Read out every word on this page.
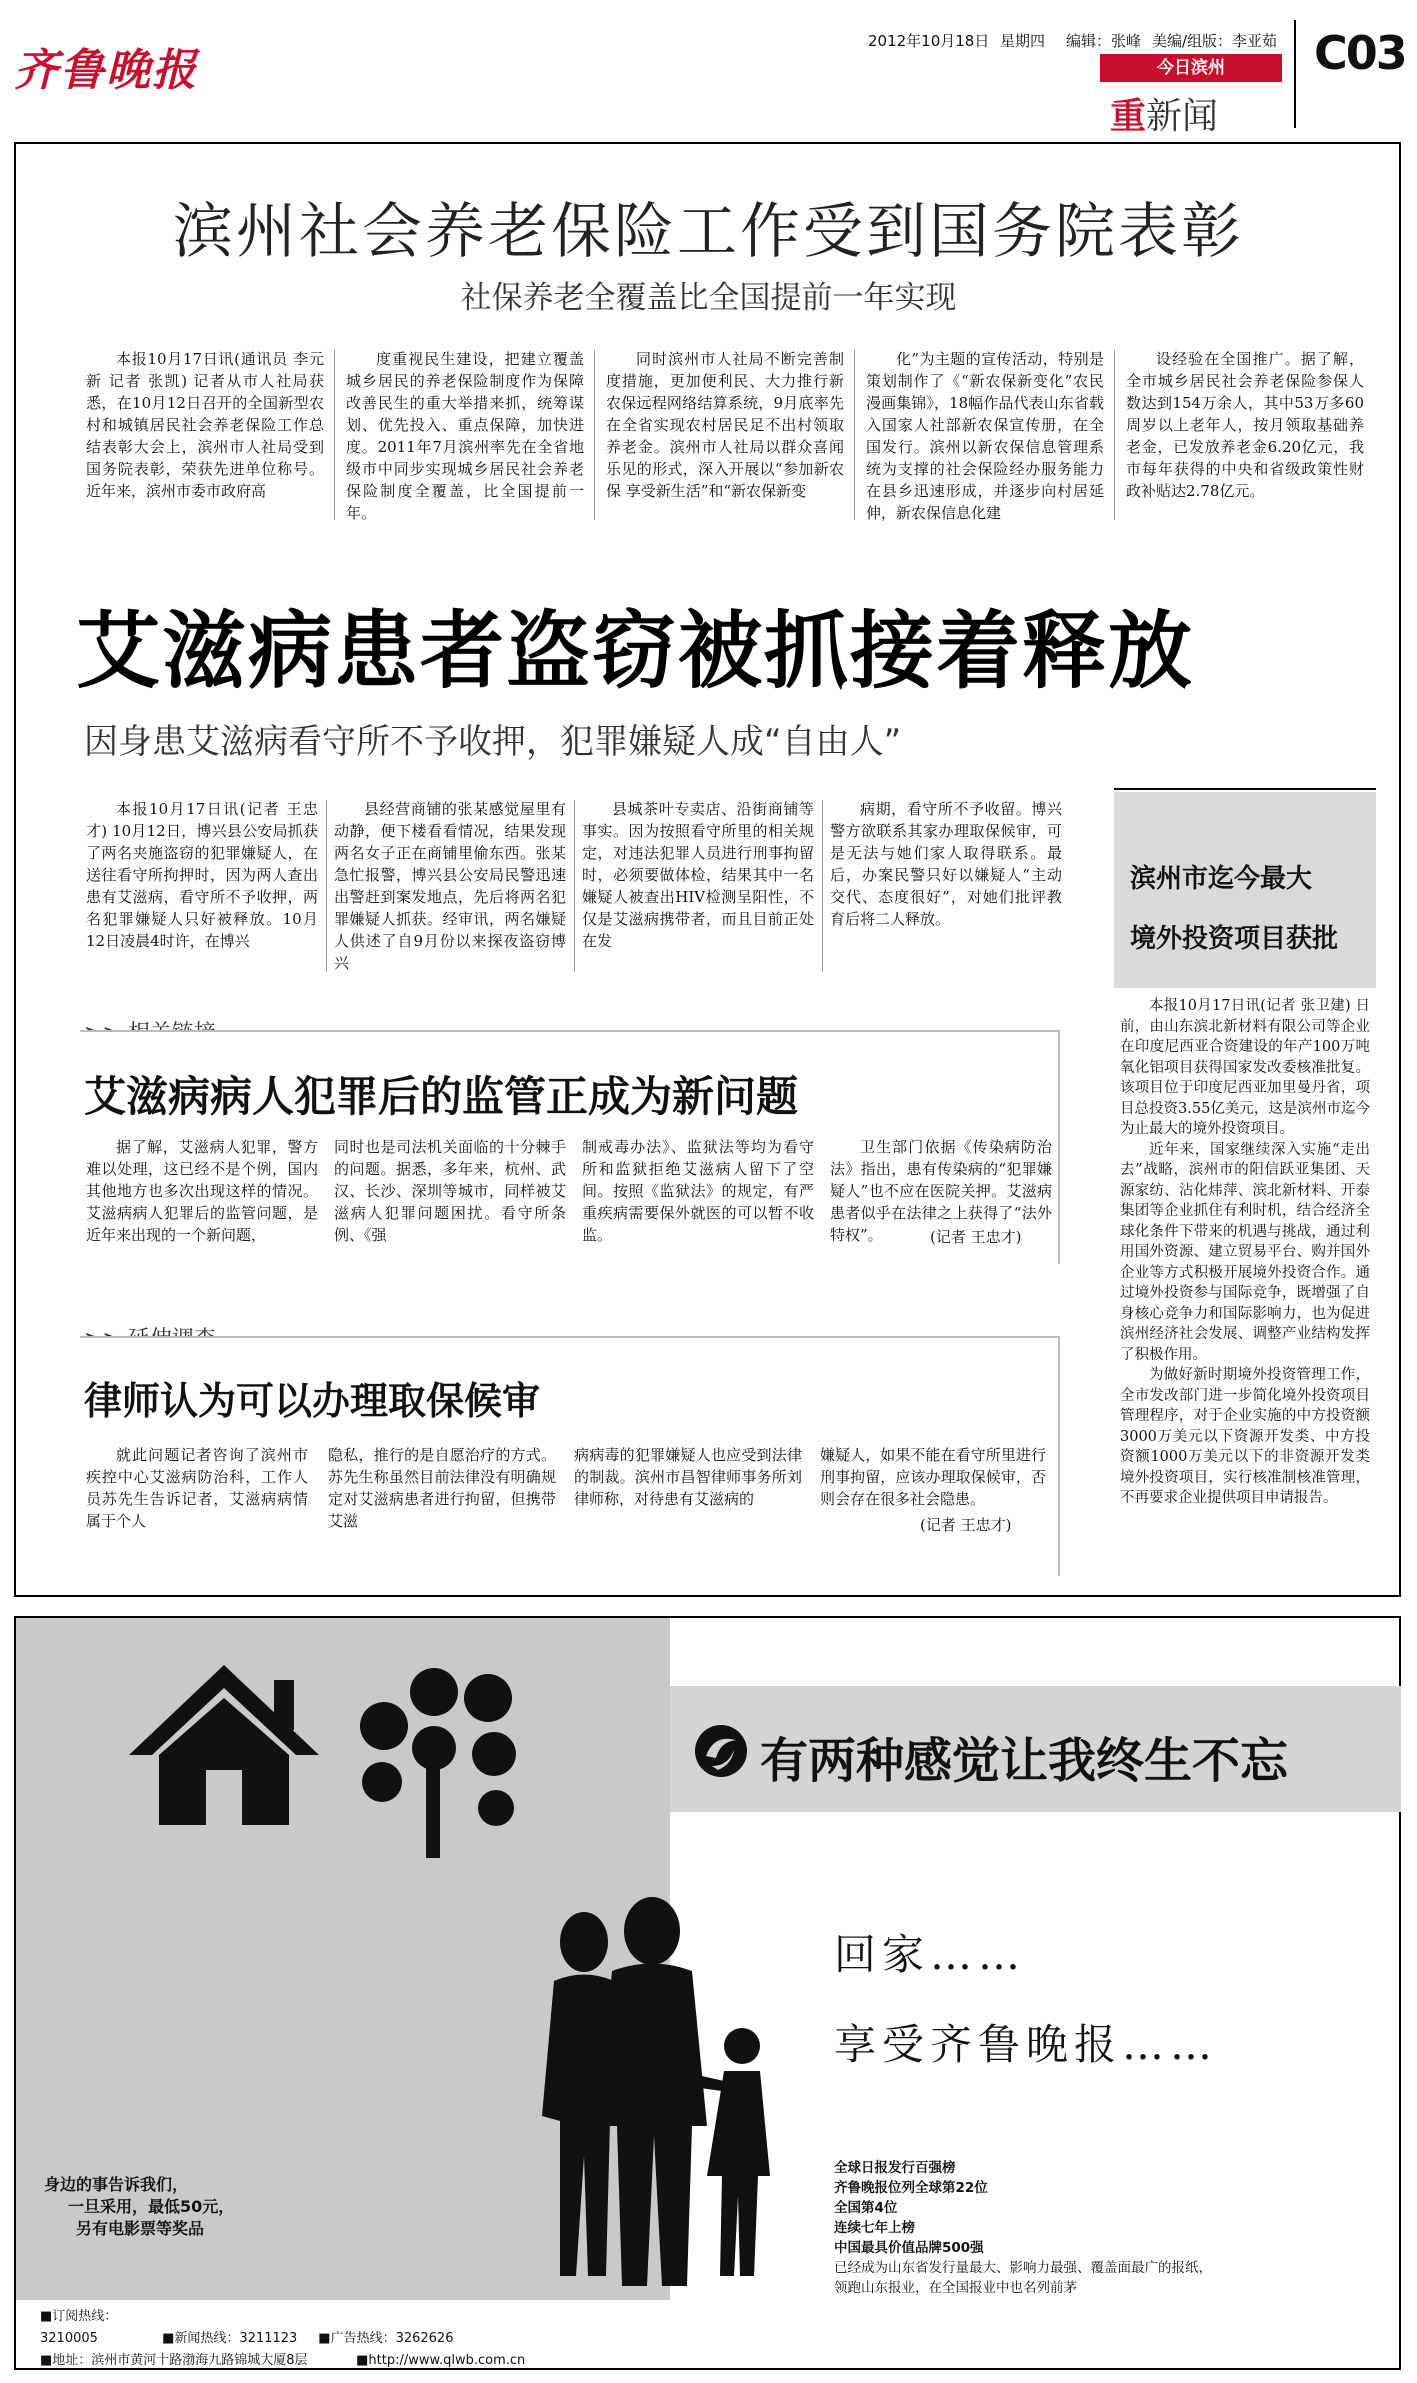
齐鲁晚报
2012年10月18日 星期四 编辑：张峰 美编/组版：李亚茹
今日滨州
重新闻
C03
滨州社会养老保险工作受到国务院表彰
社保养老全覆盖比全国提前一年实现

本报10月17日讯(通讯员 李元新 记者 张凯) 记者从市人社局获悉，在10月12日召开的全国新型农村和城镇居民社会养老保险工作总结表彰大会上，滨州市人社局受到国务院表彰，荣获先进单位称号。近年来，滨州市委市政府高

度重视民生建设，把建立覆盖城乡居民的养老保险制度作为保障改善民生的重大举措来抓，统筹谋划、优先投入、重点保障，加快进度。2011年7月滨州率先在全省地级市中同步实现城乡居民社会养老保险制度全覆盖，比全国提前一年。

同时滨州市人社局不断完善制度措施，更加便利民、大力推行新农保远程网络结算系统，9月底率先在全省实现农村居民足不出村领取养老金。滨州市人社局以群众喜闻乐见的形式，深入开展以“参加新农保 享受新生活”和“新农保新变

化”为主题的宣传活动，特别是策划制作了《“新农保新变化”农民漫画集锦》，18幅作品代表山东省载入国家人社部新农保宣传册，在全国发行。滨州以新农保信息管理系统为支撑的社会保险经办服务能力在县乡迅速形成，并逐步向村居延伸，新农保信息化建

设经验在全国推广。据了解，全市城乡居民社会养老保险参保人数达到154万余人，其中53万多60周岁以上老年人，按月领取基础养老金，已发放养老金6.20亿元，我市每年获得的中央和省级政策性财政补贴达2.78亿元。

艾滋病患者盗窃被抓接着释放
因身患艾滋病看守所不予收押，犯罪嫌疑人成“自由人”

本报10月17日讯(记者 王忠才) 10月12日，博兴县公安局抓获了两名夹施盗窃的犯罪嫌疑人，在送往看守所拘押时，因为两人查出患有艾滋病，看守所不予收押，两名犯罪嫌疑人只好被释放。10月12日凌晨4时许，在博兴

县经营商铺的张某感觉屋里有动静，便下楼看看情况，结果发现两名女子正在商铺里偷东西。张某急忙报警，博兴县公安局民警迅速出警赶到案发地点，先后将两名犯罪嫌疑人抓获。经审讯，两名嫌疑人供述了自9月份以来探夜盗窃博兴

县城茶叶专卖店、沿街商铺等事实。因为按照看守所里的相关规定，对违法犯罪人员进行刑事拘留时，必须要做体检，结果其中一名嫌疑人被查出HIV检测呈阳性，不仅是艾滋病携带者，而且目前正处在发

病期，看守所不予收留。博兴警方欲联系其家办理取保候审，可是无法与她们家人取得联系。最后，办案民警只好以嫌疑人“主动交代、态度很好”，对她们批评教育后将二人释放。

艾滋病病人犯罪后的监管正成为新问题

据了解，艾滋病人犯罪，警方难以处理，这已经不是个例，国内其他地方也多次出现这样的情况。艾滋病病人犯罪后的监管问题，是近年来出现的一个新问题，

同时也是司法机关面临的十分棘手的问题。据悉，多年来，杭州、武汉、长沙、深圳等城市，同样被艾滋病人犯罪问题困扰。看守所条例、《强

制戒毒办法》、监狱法等均为看守所和监狱拒绝艾滋病人留下了空间。按照《监狱法》的规定，有严重疾病需要保外就医的可以暂不收监。

卫生部门依据《传染病防治法》指出，患有传染病的“犯罪嫌疑人”也不应在医院关押。艾滋病患者似乎在法律之上获得了“法外特权”。	(记者 王忠才)
律师认为可以办理取保候审

就此问题记者咨询了滨州市疾控中心艾滋病防治科，工作人员苏先生告诉记者，艾滋病病情属于个人

隐私，推行的是自愿治疗的方式。苏先生称虽然目前法律没有明确规定对艾滋病患者进行拘留，但携带艾滋

病病毒的犯罪嫌疑人也应受到法律的制裁。滨州市昌智律师事务所刘律师称，对待患有艾滋病的

嫌疑人，如果不能在看守所里进行刑事拘留，应该办理取保候审，否则会存在很多社会隐患。

(记者 王忠才)
滨州市迄今最大
境外投资项目获批

本报10月17日讯(记者 张卫建) 日前，由山东滨北新材料有限公司等企业在印度尼西亚合资建设的年产100万吨氧化铝项目获得国家发改委核准批复。该项目位于印度尼西亚加里曼丹省，项目总投资3.55亿美元，这是滨州市迄今为止最大的境外投资项目。

近年来，国家继续深入实施“走出去”战略，滨州市的阳信跃亚集团、天源家纺、沾化炜萍、滨北新材料、开泰集团等企业抓住有利时机，结合经济全球化条件下带来的机遇与挑战，通过利用国外资源、建立贸易平台、购并国外企业等方式积极开展境外投资合作。通过境外投资参与国际竞争，既增强了自身核心竞争力和国际影响力，也为促进滨州经济社会发展、调整产业结构发挥了积极作用。

为做好新时期境外投资管理工作，全市发改部门进一步简化境外投资项目管理程序，对于企业实施的中方投资额3000万美元以下资源开发类、中方投资额1000万美元以下的非资源开发类境外投资项目，实行核准制核准管理，不再要求企业提供项目申请报告。

有两种感觉让我终生不忘
回家……
享受齐鲁晚报……
身边的事告诉我们，
一旦采用，最低50元，
另有电影票等奖品
全球日报发行百强榜
齐鲁晚报位列全球第22位
全国第4位
连续七年上榜
中国最具价值品牌500强
已经成为山东省发行量最大、影响力最强、覆盖面最广的报纸，
领跑山东报业，在全国报业中也名列前茅
■订阅热线：3210005	■新闻热线：3211123 ■广告热线：3262626
■地址：滨州市黄河十路渤海九路锦城大厦8层	■http://www.qlwb.com.cn
